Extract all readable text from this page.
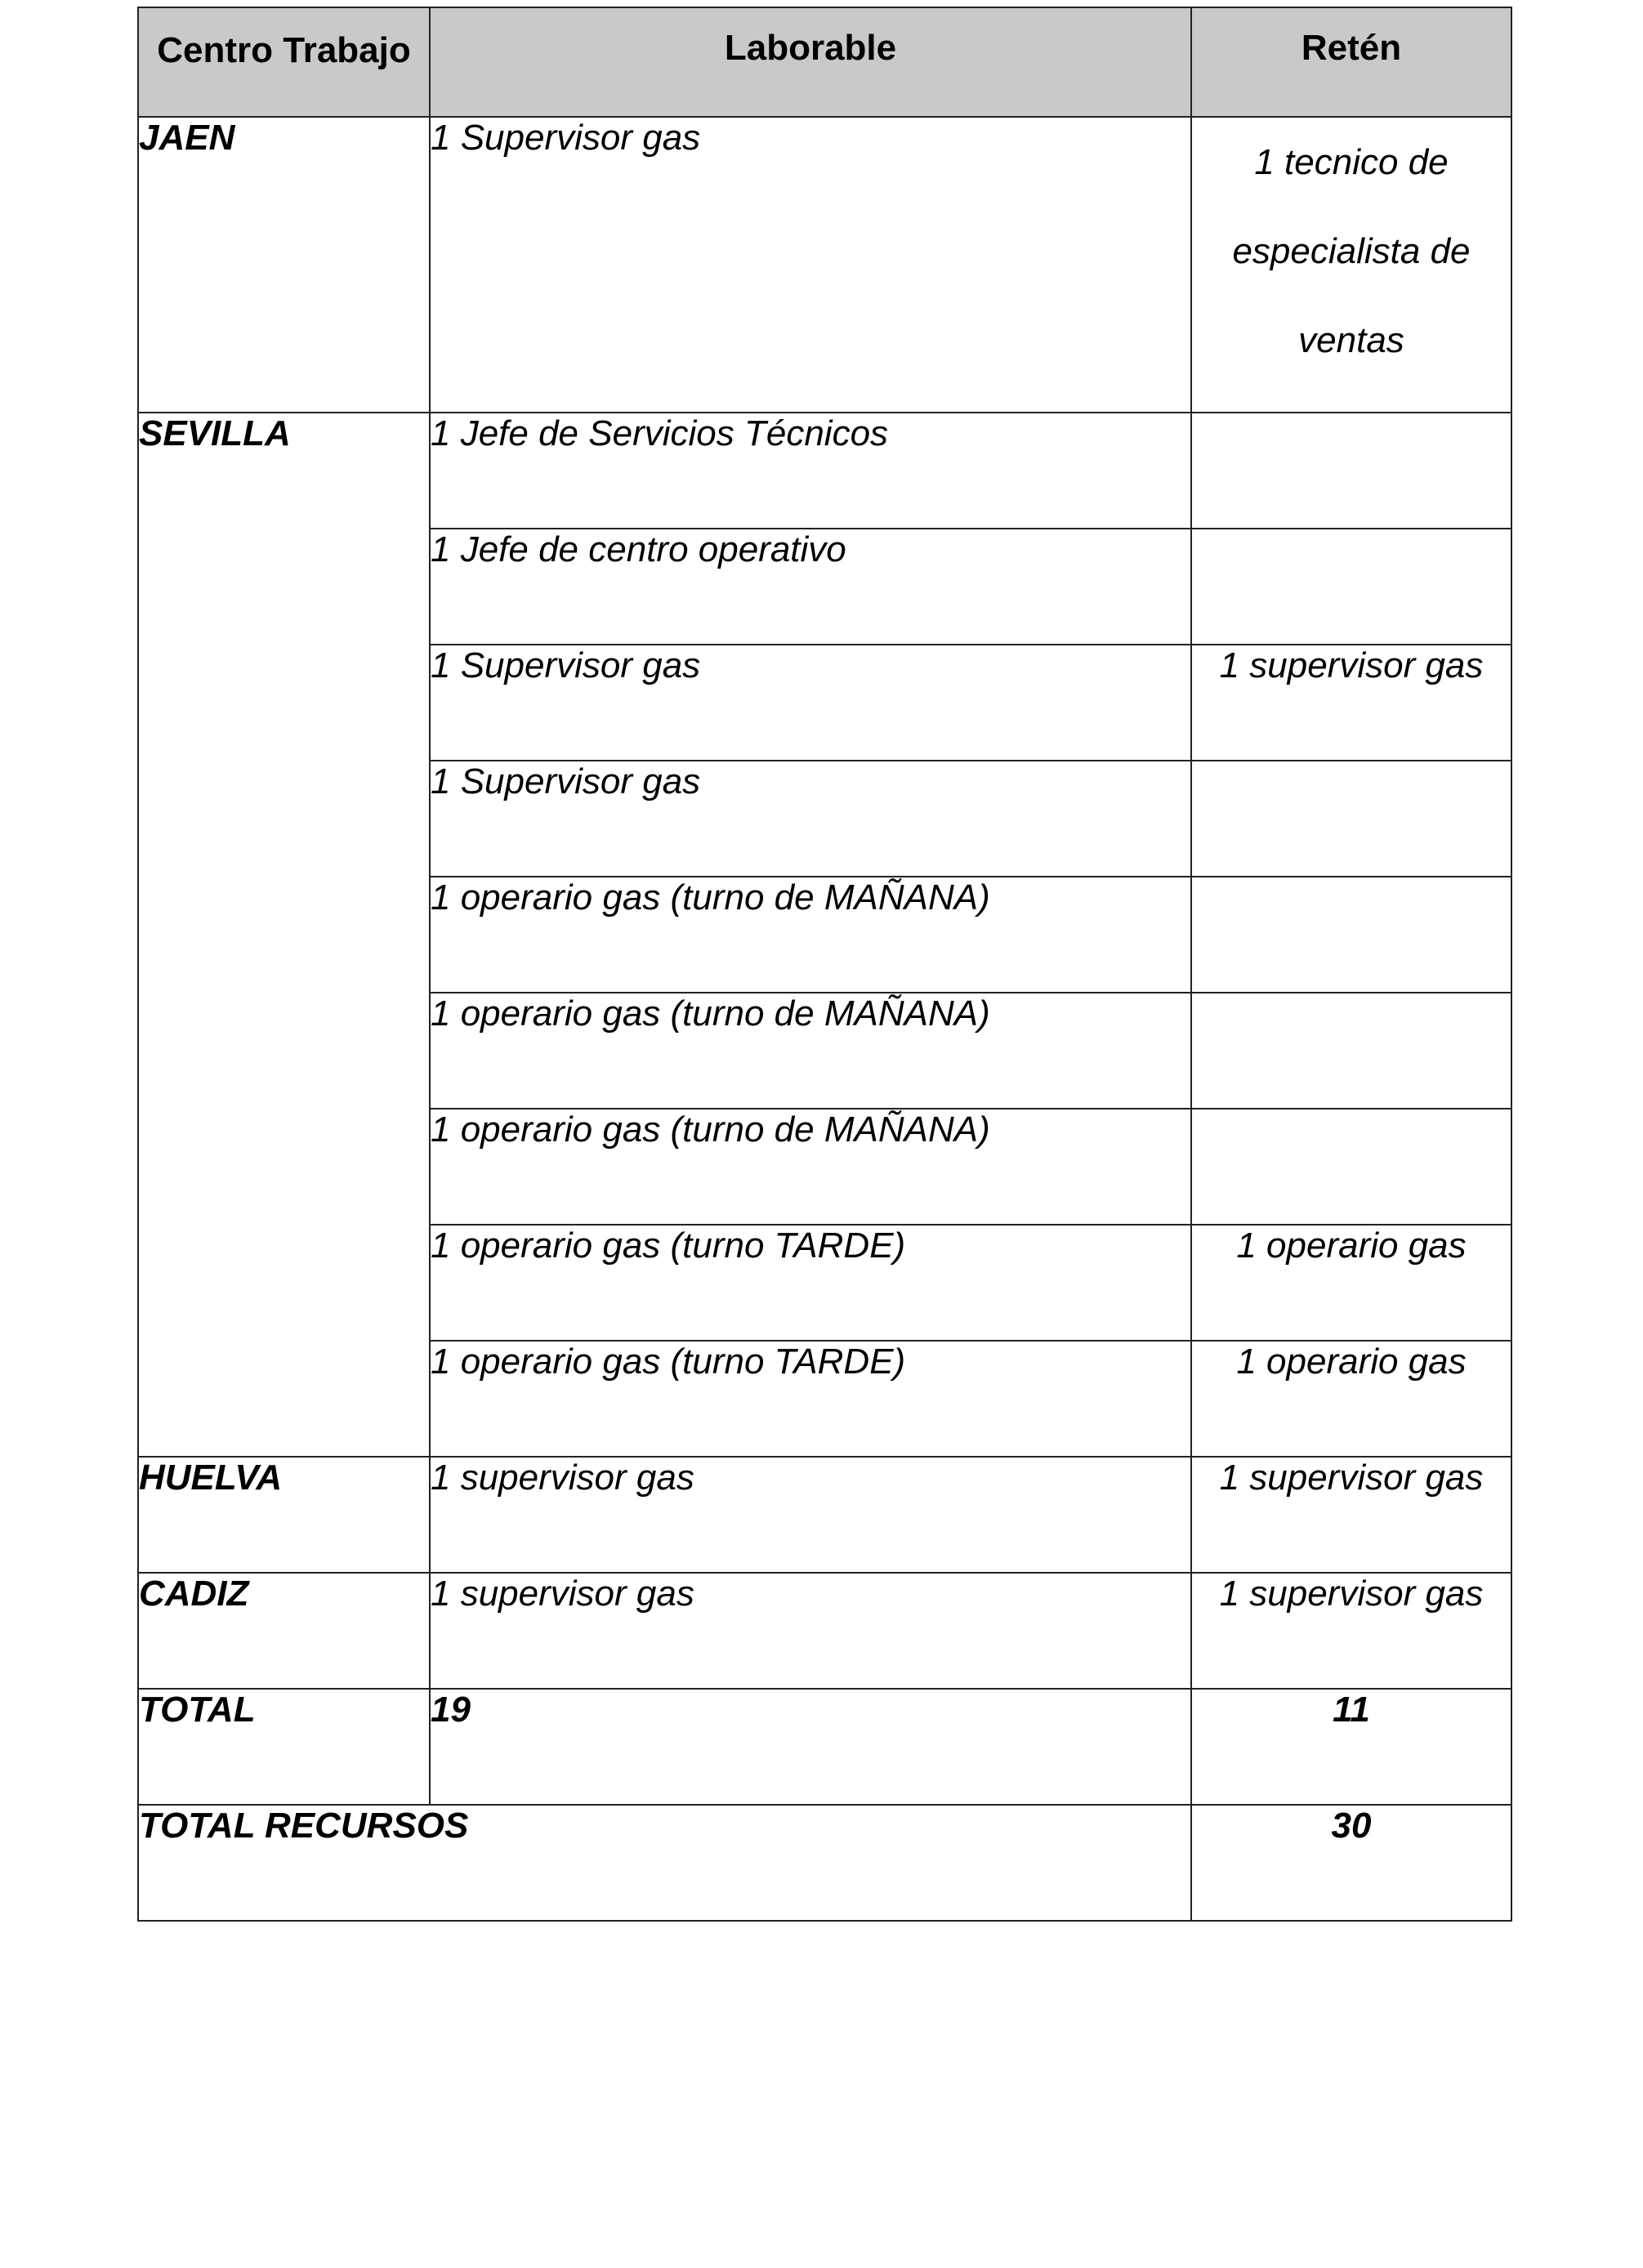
Centro Trabajo	Laborable	Retén
JAEN	1 Supervisor gas	1 tecnico de especialista de ventas
SEVILLA	1 Jefe de Servicios Técnicos	
	1 Jefe de centro operativo	
	1 Supervisor gas	1 supervisor gas
	1 Supervisor gas	
	1 operario gas (turno de MAÑANA)	
	1 operario gas (turno de MAÑANA)	
	1 operario gas (turno de MAÑANA)	
	1 operario gas (turno TARDE)	1 operario gas
	1 operario gas (turno TARDE)	1 operario gas
HUELVA	1 supervisor gas	1 supervisor gas
CADIZ	1 supervisor gas	1 supervisor gas
TOTAL	19	11
TOTAL RECURSOS		30
